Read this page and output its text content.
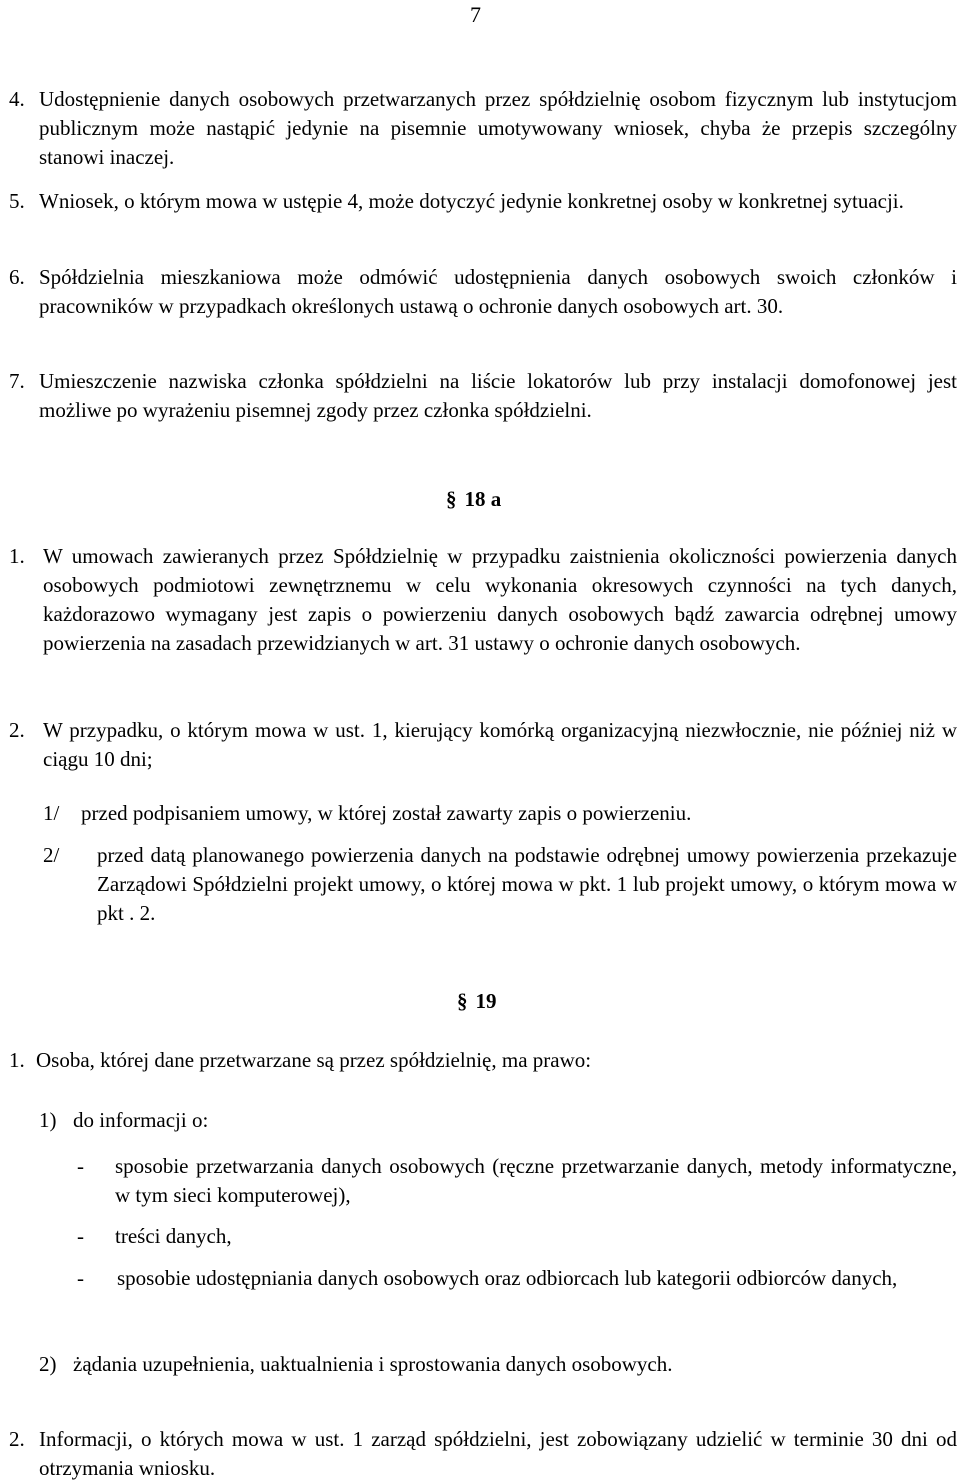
7
4. Udostępnienie danych osobowych przetwarzanych przez spółdzielnię osobom fizycznym lub instytucjom publicznym może nastąpić jedynie na pisemnie umotywowany wniosek, chyba że przepis szczególny stanowi inaczej.
5. Wniosek, o którym mowa w ustępie 4, może dotyczyć jedynie konkretnej osoby w konkretnej sytuacji.
6. Spółdzielnia mieszkaniowa może odmówić udostępnienia danych osobowych swoich członków i pracowników w przypadkach określonych ustawą o ochronie danych osobowych art. 30.
7. Umieszczenie nazwiska członka spółdzielni na liście lokatorów lub przy instalacji domofonowej jest możliwe po wyrażeniu pisemnej zgody przez członka spółdzielni.
§ 18 a
1. W umowach zawieranych przez Spółdzielnię w przypadku zaistnienia okoliczności powierzenia danych osobowych podmiotowi zewnętrznemu w celu wykonania okresowych czynności na tych danych, każdorazowo wymagany jest zapis o powierzeniu danych osobowych bądź zawarcia odrębnej umowy powierzenia na zasadach przewidzianych w art. 31 ustawy o ochronie danych osobowych.
2. W przypadku, o którym mowa w ust. 1, kierujący komórką organizacyjną niezwłocznie, nie później niż w ciągu 10 dni;
1/ przed podpisaniem umowy, w której został zawarty zapis o powierzeniu.
2/ przed datą planowanego powierzenia danych na podstawie odrębnej umowy powierzenia przekazuje Zarządowi Spółdzielni projekt umowy, o której mowa w pkt. 1 lub projekt umowy, o którym mowa w pkt . 2.
§ 19
1. Osoba, której dane przetwarzane są przez spółdzielnię, ma prawo:
1) do informacji o:
- sposobie przetwarzania danych osobowych (ręczne przetwarzanie danych, metody informatyczne, w tym sieci komputerowej),
- treści danych,
- sposobie udostępniania danych osobowych oraz odbiorcach lub kategorii odbiorców danych,
2) żądania uzupełnienia, uaktualnienia i sprostowania danych osobowych.
2. Informacji, o których mowa w ust. 1 zarząd spółdzielni, jest zobowiązany udzielić w terminie 30 dni od otrzymania wniosku.
